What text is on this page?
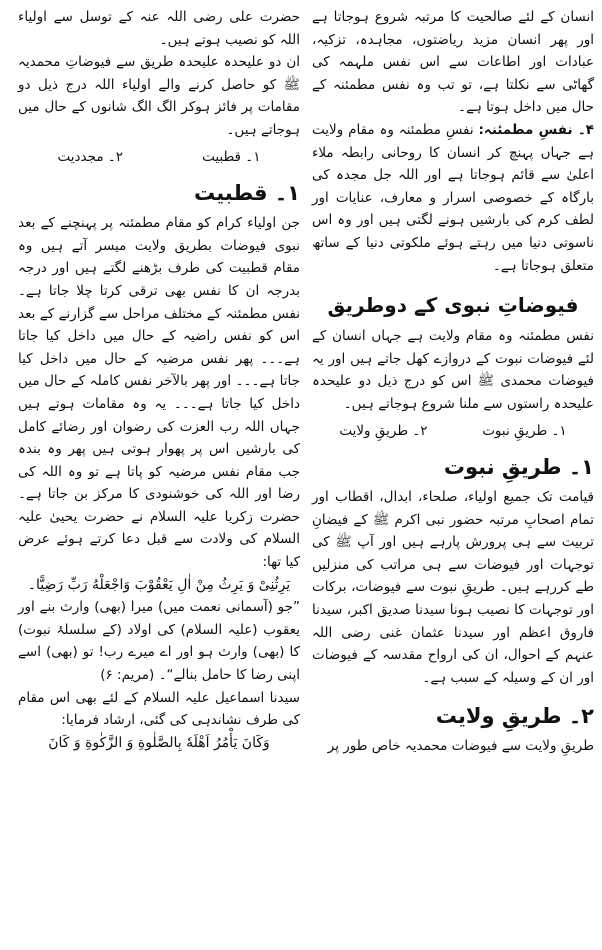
انسان کے لئے صالحیت کا مرتبہ شروع ہوجاتا ہے اور پھر انسان مزید ریاضتوں، مجاہدہ، تزکیہ، عبادات اور اطاعات سے اس نفس ملہمہ کی گھاٹی سے نکلتا ہے، تو تب وہ نفس مطمئنہ کے حال میں داخل ہوتا ہے۔

۴۔ نفسِ مطمئنہ: نفسِ مطمئنہ وہ مقام ولایت ہے جہاں پہنچ کر انسان کا روحانی رابطہ ملاء اعلیٰ سے قائم ہوجاتا ہے اور اللہ جل مجدہ کی بارگاہ کے خصوصی اسرار و معارف، عنایات اور لطف کرم کی بارشیں ہونے لگتی ہیں اور وہ اس ناسوتی دنیا میں رہتے ہوئے ملکوتی دنیا کے ساتھ متعلق ہوجاتا ہے۔

فیوضاتِ نبوی کے دوطریق

نفس مطمئنہ وہ مقام ولایت ہے جہاں انسان کے لئے فیوضات نبوت کے دروازے کھل جاتے ہیں اور یہ فیوضات محمدی ﷺ اس کو درج ذیل دو علیحدہ علیحدہ راستوں سے ملنا شروع ہوجاتے ہیں۔

۱۔ طریقِ نبوت
۲۔ طریقِ ولایت
۱۔ طریقِ نبوت

قیامت تک جمیع اولیاء، صلحاء، ابدال، اقطاب اور تمام اصحابِ مرتبہ حضور نبی اکرم ﷺ کے فیضانِ تربیت سے ہی پرورش پارہے ہیں اور آپ ﷺ کی توجہات اور فیوضات سے ہی مراتب کی منزلیں طے کررہے ہیں۔ طریقِ نبوت سے فیوضات، برکات اور توجہات کا نصیب ہونا سیدنا صدیق اکبر، سیدنا فاروق اعظم اور سیدنا عثمان غنی رضی اللہ عنہم کے احوال، ان کی ارواح مقدسہ کے فیوضات اور ان کے وسیلہ کے سبب ہے۔

۲۔ طریقِ ولایت

طریقِ ولایت سے فیوضات محمدیہ خاص طور پر

حضرت علی رضی اللہ عنہ کے توسل سے اولیاء اللہ کو نصیب ہوتے ہیں۔

ان دو علیحدہ علیحدہ طریق سے فیوضاتِ محمدیہ ﷺ کو حاصل کرنے والے اولیاء اللہ درج ذیل دو مقامات پر فائز ہوکر الگ الگ شانوں کے حال میں ہوجاتے ہیں۔

۱۔ قطبیت
۲۔ مجددیت
۱۔ قطبیت

جن اولیاء کرام کو مقام مطمئنہ پر پہنچنے کے بعد نبوی فیوضات بطریق ولایت میسر آتے ہیں وہ مقام قطبیت کی طرف بڑھنے لگتے ہیں اور درجہ بدرجہ ان کا نفس بھی ترقی کرتا چلا جاتا ہے۔ نفس مطمئنہ کے مختلف مراحل سے گزارنے کے بعد اس کو نفس راضیہ کے حال میں داخل کیا جاتا ہے۔۔۔ پھر نفس مرضیہ کے حال میں داخل کیا جاتا ہے۔۔۔ اور پھر بالآخر نفس کاملہ کے حال میں داخل کیا جاتا ہے۔۔۔ یہ وہ مقامات ہوتے ہیں جہاں اللہ رب العزت کی رضوان اور رضائے کامل کی بارشیں اس پر پھوار ہوتی ہیں پھر وہ بندہ جب مقام نفس مرضیہ کو پاتا ہے تو وہ اللہ کی رضا اور اللہ کی خوشنودی کا مرکز بن جاتا ہے۔ حضرت زکریا علیہ السلام نے حضرت یحییٰ علیہ السلام کی ولادت سے قبل دعا کرتے ہوئے عرض کیا تھا:

یَرِثُنِیْ وَ یَرِثُ مِنْ اٰلِ یَعْقُوْبَ وَاجْعَلْهُ رَبِّ رَضِیًّا۔

”جو (آسمانی نعمت میں) میرا (بھی) وارث بنے اور یعقوب (علیہ السلام) کی اولاد (کے سلسلۂ نبوت) کا (بھی) وارث ہو اور اے میرے رب! تو (بھی) اسے اپنی رضا کا حامل بنالے“۔ (مریم: ۶)

سیدنا اسماعیل علیہ السلام کے لئے بھی اس مقام کی طرف نشاندہی کی گئی، ارشاد فرمایا:

وَکَانَ یَأْمُرُ اَهْلَهٗ بِالصَّلٰوةِ وَ الزَّکٰوةِ وَ کَانَ
